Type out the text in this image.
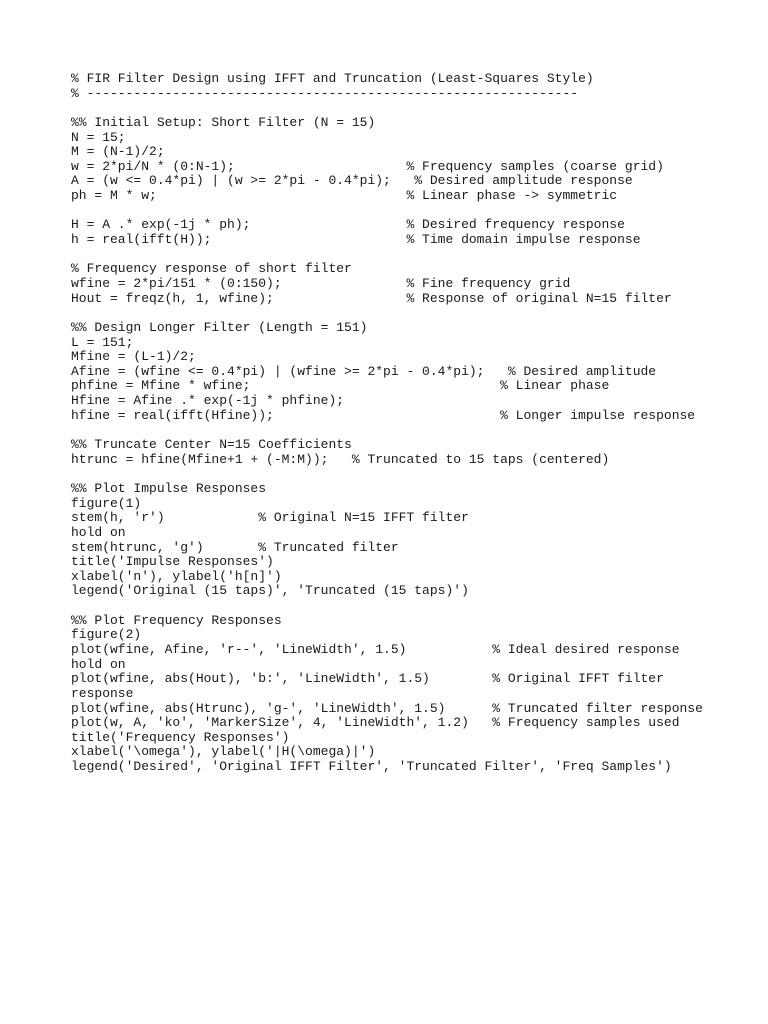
% FIR Filter Design using IFFT and Truncation (Least-Squares Style)
% ---------------------------------------------------------------
%% Initial Setup: Short Filter (N = 15)
N = 15;
M = (N-1)/2;
w = 2*pi/N * (0:N-1);                      % Frequency samples (coarse grid)
A = (w <= 0.4*pi) | (w >= 2*pi - 0.4*pi);   % Desired amplitude response
ph = M * w;                                % Linear phase -> symmetric
H = A .* exp(-1j * ph);                    % Desired frequency response
h = real(ifft(H));                         % Time domain impulse response
% Frequency response of short filter
wfine = 2*pi/151 * (0:150);                % Fine frequency grid
Hout = freqz(h, 1, wfine);                 % Response of original N=15 filter
%% Design Longer Filter (Length = 151)
L = 151;
Mfine = (L-1)/2;
Afine = (wfine <= 0.4*pi) | (wfine >= 2*pi - 0.4*pi);   % Desired amplitude
phfine = Mfine * wfine;                                % Linear phase
Hfine = Afine .* exp(-1j * phfine);
hfine = real(ifft(Hfine));                             % Longer impulse response
%% Truncate Center N=15 Coefficients
htrunc = hfine(Mfine+1 + (-M:M));   % Truncated to 15 taps (centered)
%% Plot Impulse Responses
figure(1)
stem(h, 'r')            % Original N=15 IFFT filter
hold on
stem(htrunc, 'g')       % Truncated filter
title('Impulse Responses')
xlabel('n'), ylabel('h[n]')
legend('Original (15 taps)', 'Truncated (15 taps)')
%% Plot Frequency Responses
figure(2)
plot(wfine, Afine, 'r--', 'LineWidth', 1.5)           % Ideal desired response
hold on
plot(wfine, abs(Hout), 'b:', 'LineWidth', 1.5)        % Original IFFT filter
response
plot(wfine, abs(Htrunc), 'g-', 'LineWidth', 1.5)      % Truncated filter response
plot(w, A, 'ko', 'MarkerSize', 4, 'LineWidth', 1.2)   % Frequency samples used
title('Frequency Responses')
xlabel('\omega'), ylabel('|H(\omega)|')
legend('Desired', 'Original IFFT Filter', 'Truncated Filter', 'Freq Samples')
